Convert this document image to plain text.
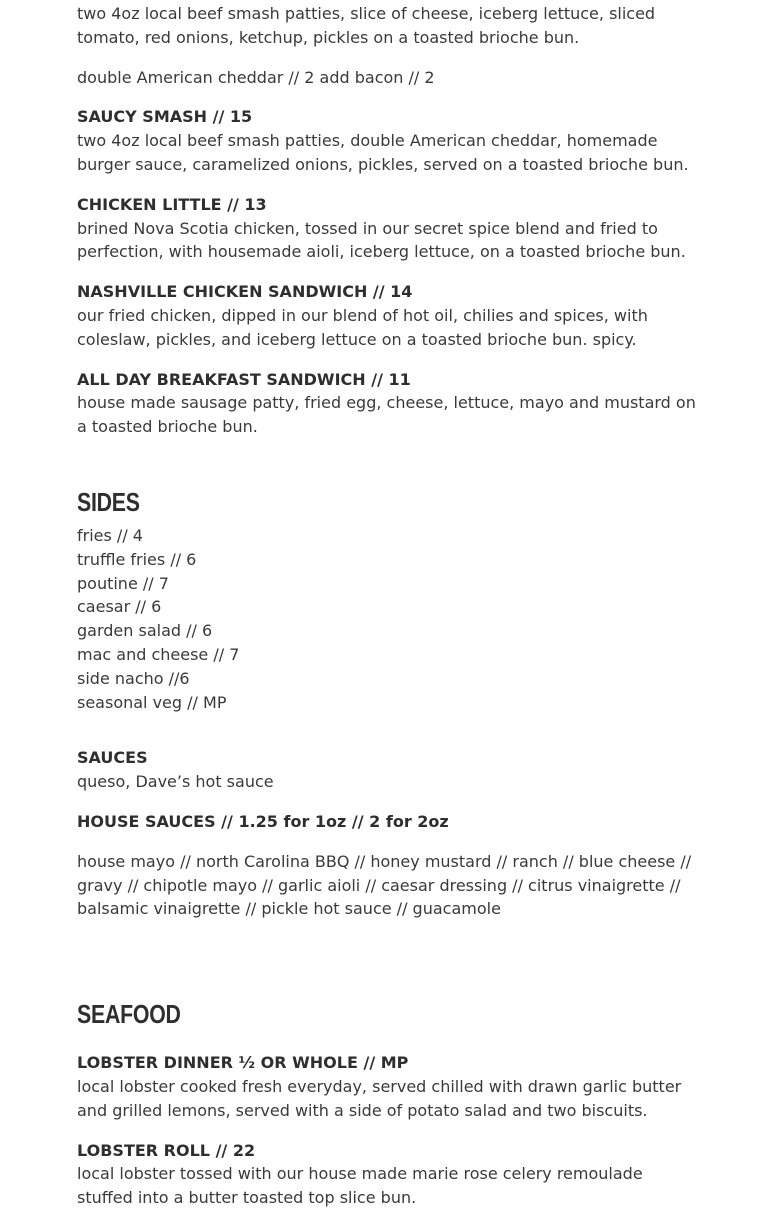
two 4oz local beef smash patties, slice of cheese, iceberg lettuce, sliced tomato, red onions, ketchup, pickles on a toasted brioche bun.

double American cheddar // 2 add bacon // 2

SAUCY SMASH // 15

two 4oz local beef smash patties, double American cheddar, homemade burger sauce, caramelized onions, pickles, served on a toasted brioche bun.

CHICKEN LITTLE // 13

brined Nova Scotia chicken, tossed in our secret spice blend and fried to perfection, with housemade aioli, iceberg lettuce, on a toasted brioche bun.

NASHVILLE CHICKEN SANDWICH // 14

our fried chicken, dipped in our blend of hot oil, chilies and spices, with coleslaw, pickles, and iceberg lettuce on a toasted brioche bun. spicy.

ALL DAY BREAKFAST SANDWICH // 11

house made sausage patty, fried egg, cheese, lettuce, mayo and mustard on a toasted brioche bun.

SIDES
fries // 4
truffle fries // 6
poutine // 7
caesar // 6
garden salad // 6
mac and cheese // 7
side nacho //6
seasonal veg // MP

SAUCES

queso, Dave’s hot sauce

HOUSE SAUCES // 1.25 for 1oz // 2 for 2oz

house mayo // north Carolina BBQ // honey mustard // ranch // blue cheese // gravy // chipotle mayo // garlic aioli // caesar dressing // citrus vinaigrette // balsamic vinaigrette // pickle hot sauce // guacamole

SEAFOOD

LOBSTER DINNER ½ OR WHOLE // MP

local lobster cooked fresh everyday, served chilled with drawn garlic butter and grilled lemons, served with a side of potato salad and two biscuits.

LOBSTER ROLL // 22

local lobster tossed with our house made marie rose celery remoulade stuffed into a butter toasted top slice bun.
